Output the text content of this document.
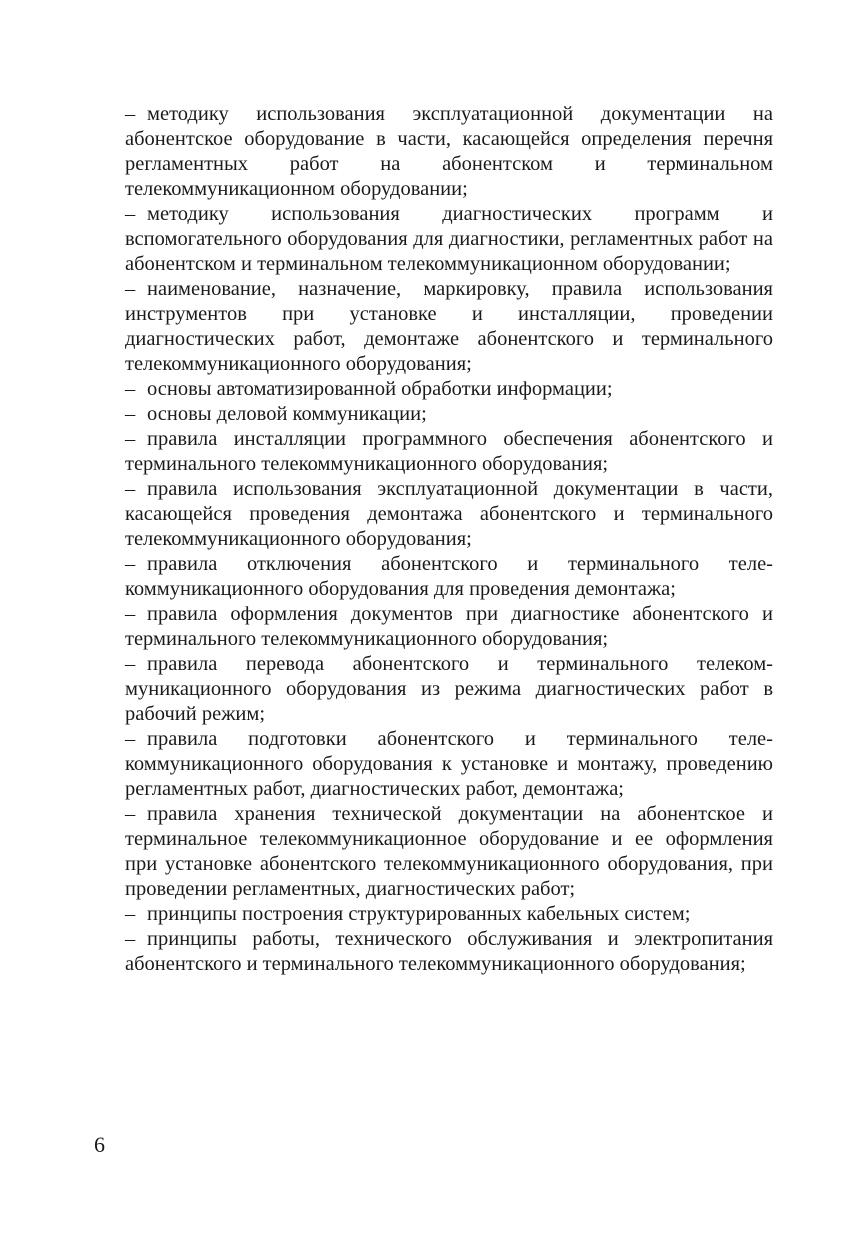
– методику использования эксплуатационной документации на абонентское оборудование в части, касающейся определения перечня регламентных работ на абонентском и терминальном телекоммуникационном оборудовании;

– методику использования диагностических программ и вспомогательного оборудования для диагностики, регламентных работ на абонентском и терминальном телекоммуникационном оборудовании;

– наименование, назначение, маркировку, правила использования инструментов при установке и инсталляции, проведении диагностических работ, демонтаже абонентского и терминального телекоммуникационного оборудования;

– основы автоматизированной обработки информации;

– основы деловой коммуникации;

– правила инсталляции программного обеспечения абонентского и терминального телекоммуникационного оборудования;

– правила использования эксплуатационной документации в части, касающейся проведения демонтажа абонентского и терминального телекоммуникационного оборудования;

– правила отключения абонентского и терминального телекоммуникационного оборудования для проведения демонтажа;

– правила оформления документов при диагностике абонентского и терминального телекоммуникационного оборудования;

– правила перевода абонентского и терминального телекоммуникационного оборудования из режима диагностических работ в рабочий режим;

– правила подготовки абонентского и терминального телекоммуникационного оборудования к установке и монтажу, проведению регламентных работ, диагностических работ, демонтажа;

– правила хранения технической документации на абонентское и терминальное телекоммуникационное оборудование и ее оформления при установке абонентского телекоммуникационного оборудования, при проведении регламентных, диагностических работ;

– принципы построения структурированных кабельных систем;

– принципы работы, технического обслуживания и электропитания абонентского и терминального телекоммуникационного оборудования;

6
